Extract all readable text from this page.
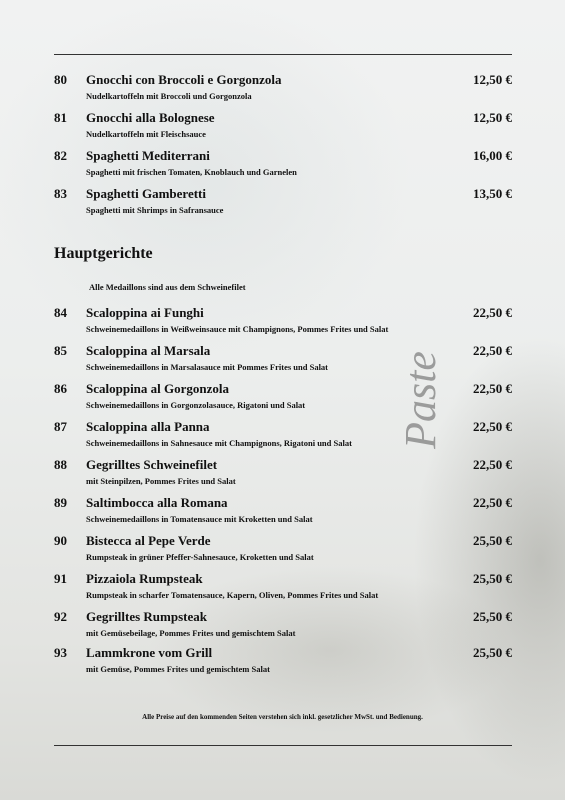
80 Gnocchi con Broccoli e Gorgonzola	12,50 €
Nudelkartoffeln mit Broccoli und Gorgonzola
81 Gnocchi alla Bolognese	12,50 €
Nudelkartoffeln mit Fleischsauce
82 Spaghetti Mediterrani	16,00 €
Spaghetti mit frischen Tomaten, Knoblauch und Garnelen
83 Spaghetti Gamberetti	13,50 €
Spaghetti mit Shrimps in Safransauce
Hauptgerichte
Alle Medaillons sind aus dem Schweinefilet
84 Scaloppina ai Funghi	22,50 €
Schweinemedaillons in Weißweinsauce mit Champignons, Pommes Frites und Salat
85 Scaloppina al Marsala	22,50 €
Schweinemedaillons in Marsalasauce mit Pommes Frites und Salat
86 Scaloppina al Gorgonzola	22,50 €
Schweinemedaillons in Gorgonzolasauce, Rigatoni und Salat
87 Scaloppina alla Panna	22,50 €
Schweinemedaillons in Sahnesauce mit Champignons, Rigatoni und Salat
88 Gegrilltes Schweinefilet	22,50 €
mit Steinpilzen, Pommes Frites und Salat
89 Saltimbocca alla Romana	22,50 €
Schweinemedaillons in Tomatensauce mit Kroketten und Salat
90 Bistecca al Pepe Verde	25,50 €
Rumpsteak in grüner Pfeffer-Sahnesauce, Kroketten und Salat
91 Pizzaiola Rumpsteak	25,50 €
Rumpsteak in scharfer Tomatensauce, Kapern, Oliven, Pommes Frites und Salat
92 Gegrilltes Rumpsteak	25,50 €
mit Gemüsebeilage, Pommes Frites und gemischtem Salat
93 Lammkrone vom Grill	25,50 €
mit Gemüse, Pommes Frites und gemischtem Salat
Paste
Alle Preise auf den kommenden Seiten verstehen sich inkl. gesetzlicher MwSt. und Bedienung.
